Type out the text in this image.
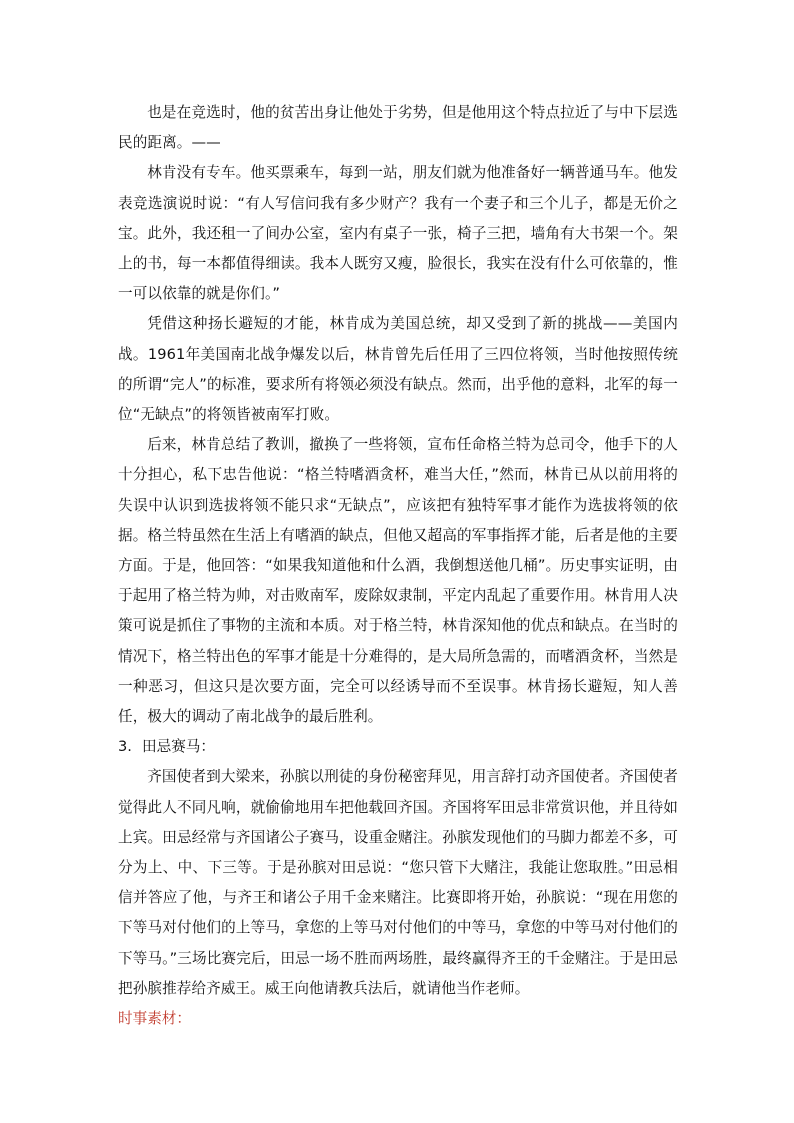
也是在竞选时，他的贫苦出身让他处于劣势，但是他用这个特点拉近了与中下层选民的距离。——

林肯没有专车。他买票乘车，每到一站，朋友们就为他准备好一辆普通马车。他发表竞选演说时说：“有人写信问我有多少财产？我有一个妻子和三个儿子，都是无价之宝。此外，我还租一了间办公室，室内有桌子一张，椅子三把，墙角有大书架一个。架上的书，每一本都值得细读。我本人既穷又瘦，脸很长，我实在没有什么可依靠的，惟一可以依靠的就是你们。”

凭借这种扬长避短的才能，林肯成为美国总统，却又受到了新的挑战——美国内战。1961年美国南北战争爆发以后，林肯曾先后任用了三四位将领，当时他按照传统的所谓“完人”的标准，要求所有将领必须没有缺点。然而，出乎他的意料，北军的每一位“无缺点”的将领皆被南军打败。

后来，林肯总结了教训，撤换了一些将领，宣布任命格兰特为总司令，他手下的人十分担心，私下忠告他说：“格兰特嗜酒贪杯，难当大任，”然而，林肯已从以前用将的失误中认识到选拔将领不能只求“无缺点”，应该把有独特军事才能作为选拔将领的依据。格兰特虽然在生活上有嗜酒的缺点，但他又超高的军事指挥才能，后者是他的主要方面。于是，他回答：“如果我知道他和什么酒，我倒想送他几桶”。历史事实证明，由于起用了格兰特为帅，对击败南军，废除奴隶制，平定内乱起了重要作用。林肯用人决策可说是抓住了事物的主流和本质。对于格兰特，林肯深知他的优点和缺点。在当时的情况下，格兰特出色的军事才能是十分难得的，是大局所急需的，而嗜酒贪杯，当然是一种恶习，但这只是次要方面，完全可以经诱导而不至误事。林肯扬长避短，知人善任，极大的调动了南北战争的最后胜利。

3. 田忌赛马：

齐国使者到大梁来，孙膑以刑徒的身份秘密拜见，用言辞打动齐国使者。齐国使者觉得此人不同凡响，就偷偷地用车把他载回齐国。齐国将军田忌非常赏识他，并且待如上宾。田忌经常与齐国诸公子赛马，设重金赌注。孙膑发现他们的马脚力都差不多，可分为上、中、下三等。于是孙膑对田忌说：“您只管下大赌注，我能让您取胜。”田忌相信并答应了他，与齐王和诸公子用千金来赌注。比赛即将开始，孙膑说：“现在用您的下等马对付他们的上等马，拿您的上等马对付他们的中等马，拿您的中等马对付他们的下等马。”三场比赛完后，田忌一场不胜而两场胜，最终赢得齐王的千金赌注。于是田忌把孙膑推荐给齐威王。威王向他请教兵法后，就请他当作老师。

时事素材：
